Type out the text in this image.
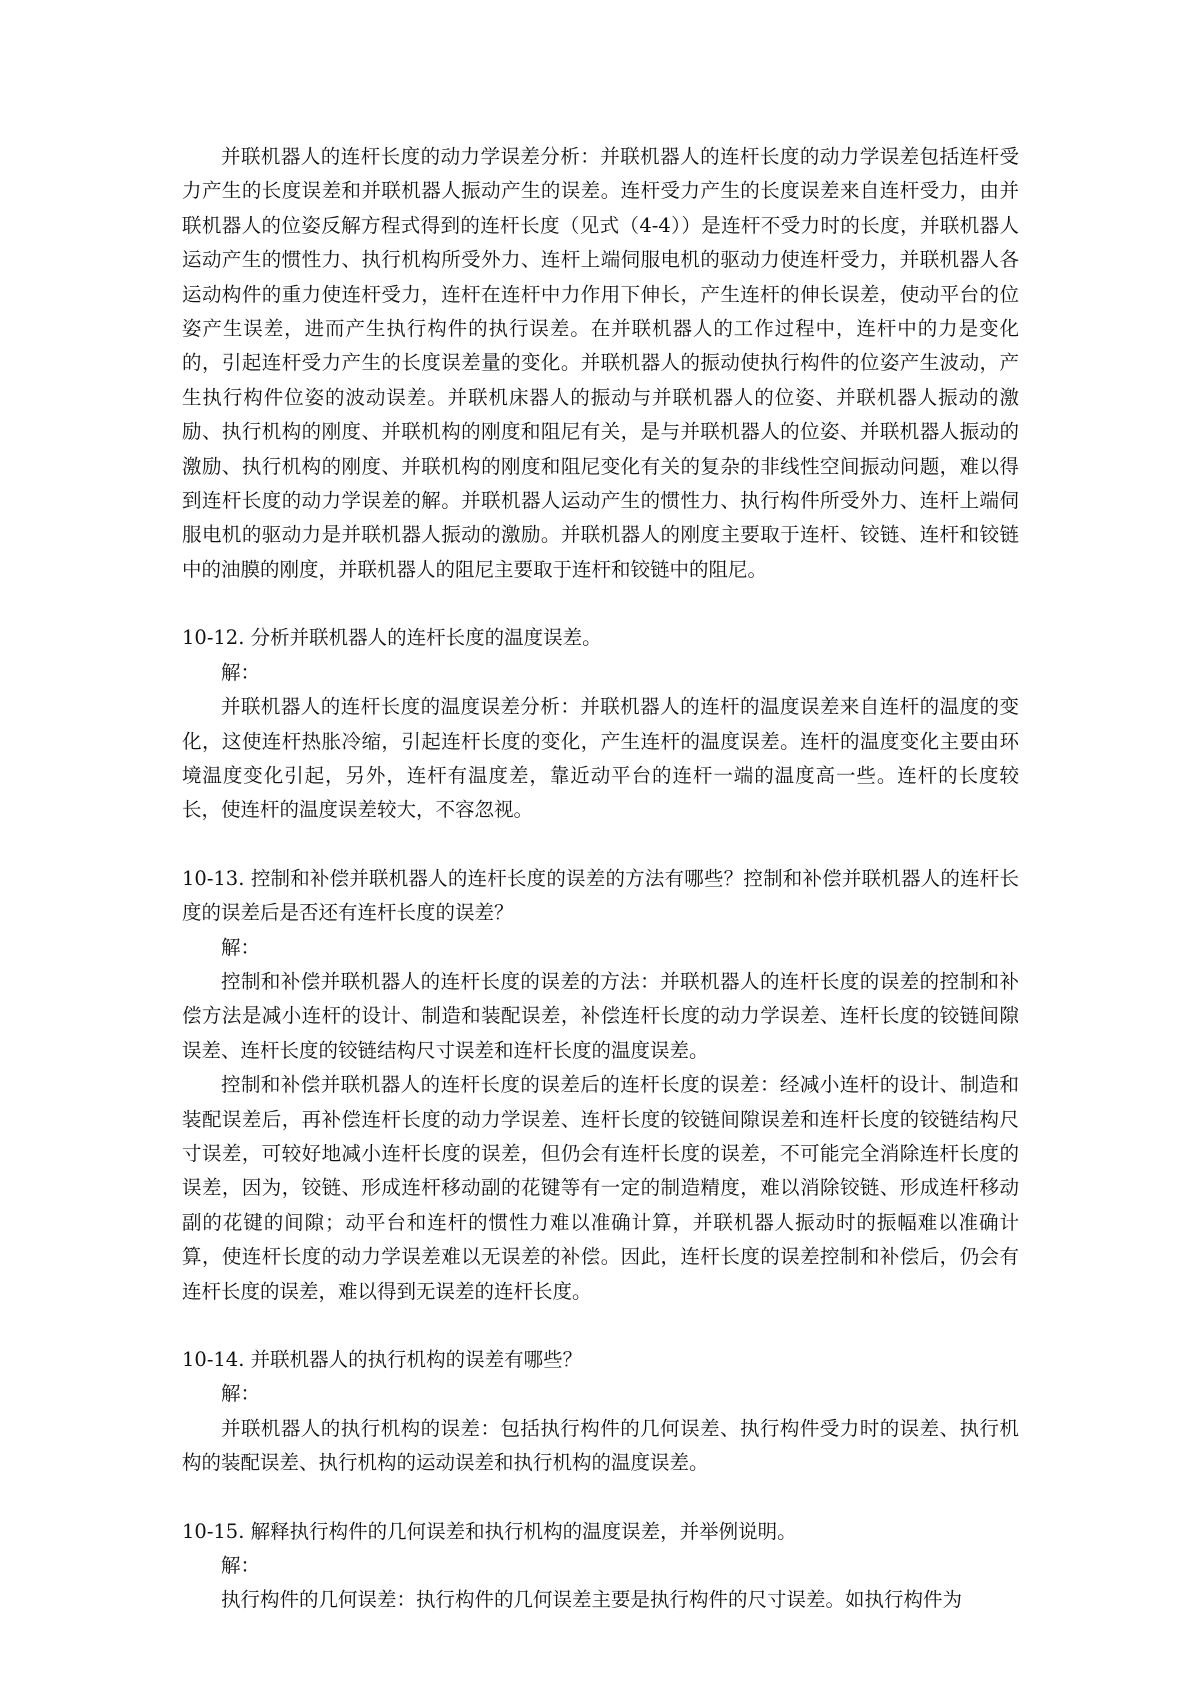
并联机器人的连杆长度的动力学误差分析：并联机器人的连杆长度的动力学误差包括连杆受力产生的长度误差和并联机器人振动产生的误差。连杆受力产生的长度误差来自连杆受力，由并联机器人的位姿反解方程式得到的连杆长度（见式（4-4））是连杆不受力时的长度，并联机器人运动产生的惯性力、执行机构所受外力、连杆上端伺服电机的驱动力使连杆受力，并联机器人各运动构件的重力使连杆受力，连杆在连杆中力作用下伸长，产生连杆的伸长误差，使动平台的位姿产生误差，进而产生执行构件的执行误差。在并联机器人的工作过程中，连杆中的力是变化的，引起连杆受力产生的长度误差量的变化。并联机器人的振动使执行构件的位姿产生波动，产生执行构件位姿的波动误差。并联机床器人的振动与并联机器人的位姿、并联机器人振动的激励、执行机构的刚度、并联机构的刚度和阻尼有关，是与并联机器人的位姿、并联机器人振动的激励、执行机构的刚度、并联机构的刚度和阻尼变化有关的复杂的非线性空间振动问题，难以得到连杆长度的动力学误差的解。并联机器人运动产生的惯性力、执行构件所受外力、连杆上端伺服电机的驱动力是并联机器人振动的激励。并联机器人的刚度主要取于连杆、铰链、连杆和铰链中的油膜的刚度，并联机器人的阻尼主要取于连杆和铰链中的阻尼。

10-12. 分析并联机器人的连杆长度的温度误差。

解：

并联机器人的连杆长度的温度误差分析：并联机器人的连杆的温度误差来自连杆的温度的变化，这使连杆热胀冷缩，引起连杆长度的变化，产生连杆的温度误差。连杆的温度变化主要由环境温度变化引起，另外，连杆有温度差，靠近动平台的连杆一端的温度高一些。连杆的长度较长，使连杆的温度误差较大，不容忽视。

10-13. 控制和补偿并联机器人的连杆长度的误差的方法有哪些？控制和补偿并联机器人的连杆长度的误差后是否还有连杆长度的误差？

解：

控制和补偿并联机器人的连杆长度的误差的方法：并联机器人的连杆长度的误差的控制和补偿方法是减小连杆的设计、制造和装配误差，补偿连杆长度的动力学误差、连杆长度的铰链间隙误差、连杆长度的铰链结构尺寸误差和连杆长度的温度误差。

控制和补偿并联机器人的连杆长度的误差后的连杆长度的误差：经减小连杆的设计、制造和装配误差后，再补偿连杆长度的动力学误差、连杆长度的铰链间隙误差和连杆长度的铰链结构尺寸误差，可较好地减小连杆长度的误差，但仍会有连杆长度的误差，不可能完全消除连杆长度的误差，因为，铰链、形成连杆移动副的花键等有一定的制造精度，难以消除铰链、形成连杆移动副的花键的间隙；动平台和连杆的惯性力难以准确计算，并联机器人振动时的振幅难以准确计算，使连杆长度的动力学误差难以无误差的补偿。因此，连杆长度的误差控制和补偿后，仍会有连杆长度的误差，难以得到无误差的连杆长度。

10-14. 并联机器人的执行机构的误差有哪些？

解：

并联机器人的执行机构的误差：包括执行构件的几何误差、执行构件受力时的误差、执行机构的装配误差、执行机构的运动误差和执行机构的温度误差。

10-15. 解释执行构件的几何误差和执行机构的温度误差，并举例说明。

解：

执行构件的几何误差：执行构件的几何误差主要是执行构件的尺寸误差。如执行构件为
